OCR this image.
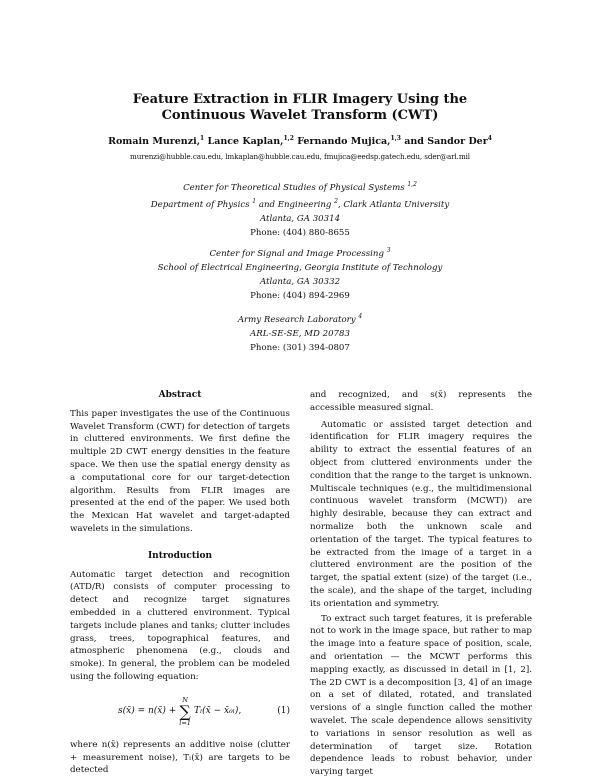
Feature Extraction in FLIR Imagery Using the
Continuous Wavelet Transform (CWT)
Romain Murenzi,$^1$ Lance Kaplan,$^{1,2}$ Fernando Mujica,$^{1,3}$ and Sandor Der$^4$
murenzi@hubble.cau.edu, lmkaplan@hubble.cau.edu, fmujica@eedsp.gatech.edu, sder@arl.mil
Center for Theoretical Studies of Physical Systems $^{1,2}$
Department of Physics $^1$ and Engineering $^2$, Clark Atlanta University
Atlanta, GA 30314
Phone: (404) 880-8655
Center for Signal and Image Processing $^3$
School of Electrical Engineering, Georgia Institute of Technology
Atlanta, GA 30332
Phone: (404) 894-2969
Army Research Laboratory $^4$
ARL-SE-SE, MD 20783
Phone: (301) 394-0807
Abstract

This paper investigates the use of the Continuous Wavelet Transform (CWT) for detection of targets in cluttered environments. We first define the multiple 2D CWT energy densities in the feature space. We then use the spatial energy density as a computational core for our target-detection algorithm. Results from FLIR images are presented at the end of the paper. We used both the Mexican Hat wavelet and target-adapted wavelets in the simulations.

Introduction

Automatic target detection and recognition (ATD/R) consists of computer processing to detect and recognize target signatures embedded in a cluttered environment. Typical targets include planes and tanks; clutter includes grass, trees, topographical features, and atmospheric phenomena (e.g., clouds and smoke). In general, the problem can be modeled using the following equation:

s(x̄) = n(x̄) +
N
∑
l=1
Tₗ(x̄ − x̄₀ₗ),	(1)

where n(x̄) represents an additive noise (clutter + measurement noise), Tₗ(x̄) are targets to be detected

and recognized, and s(x̄) represents the accessible measured signal.

Automatic or assisted target detection and identification for FLIR imagery requires the ability to extract the essential features of an object from cluttered environments under the condition that the range to the target is unknown. Multiscale techniques (e.g., the multidimensional continuous wavelet transform (MCWT)) are highly desirable, because they can extract and normalize both the unknown scale and orientation of the target. The typical features to be extracted from the image of a target in a cluttered environment are the position of the target, the spatial extent (size) of the target (i.e., the scale), and the shape of the target, including its orientation and symmetry.

To extract such target features, it is preferable not to work in the image space, but rather to map the image into a feature space of position, scale, and orientation — the MCWT performs this mapping exactly, as discussed in detail in [1, 2]. The 2D CWT is a decomposition [3, 4] of an image on a set of dilated, rotated, and translated versions of a single function called the mother wavelet. The scale dependence allows sensitivity to variations in sensor resolution as well as determination of target size. Rotation dependence leads to robust behavior, under varying target
